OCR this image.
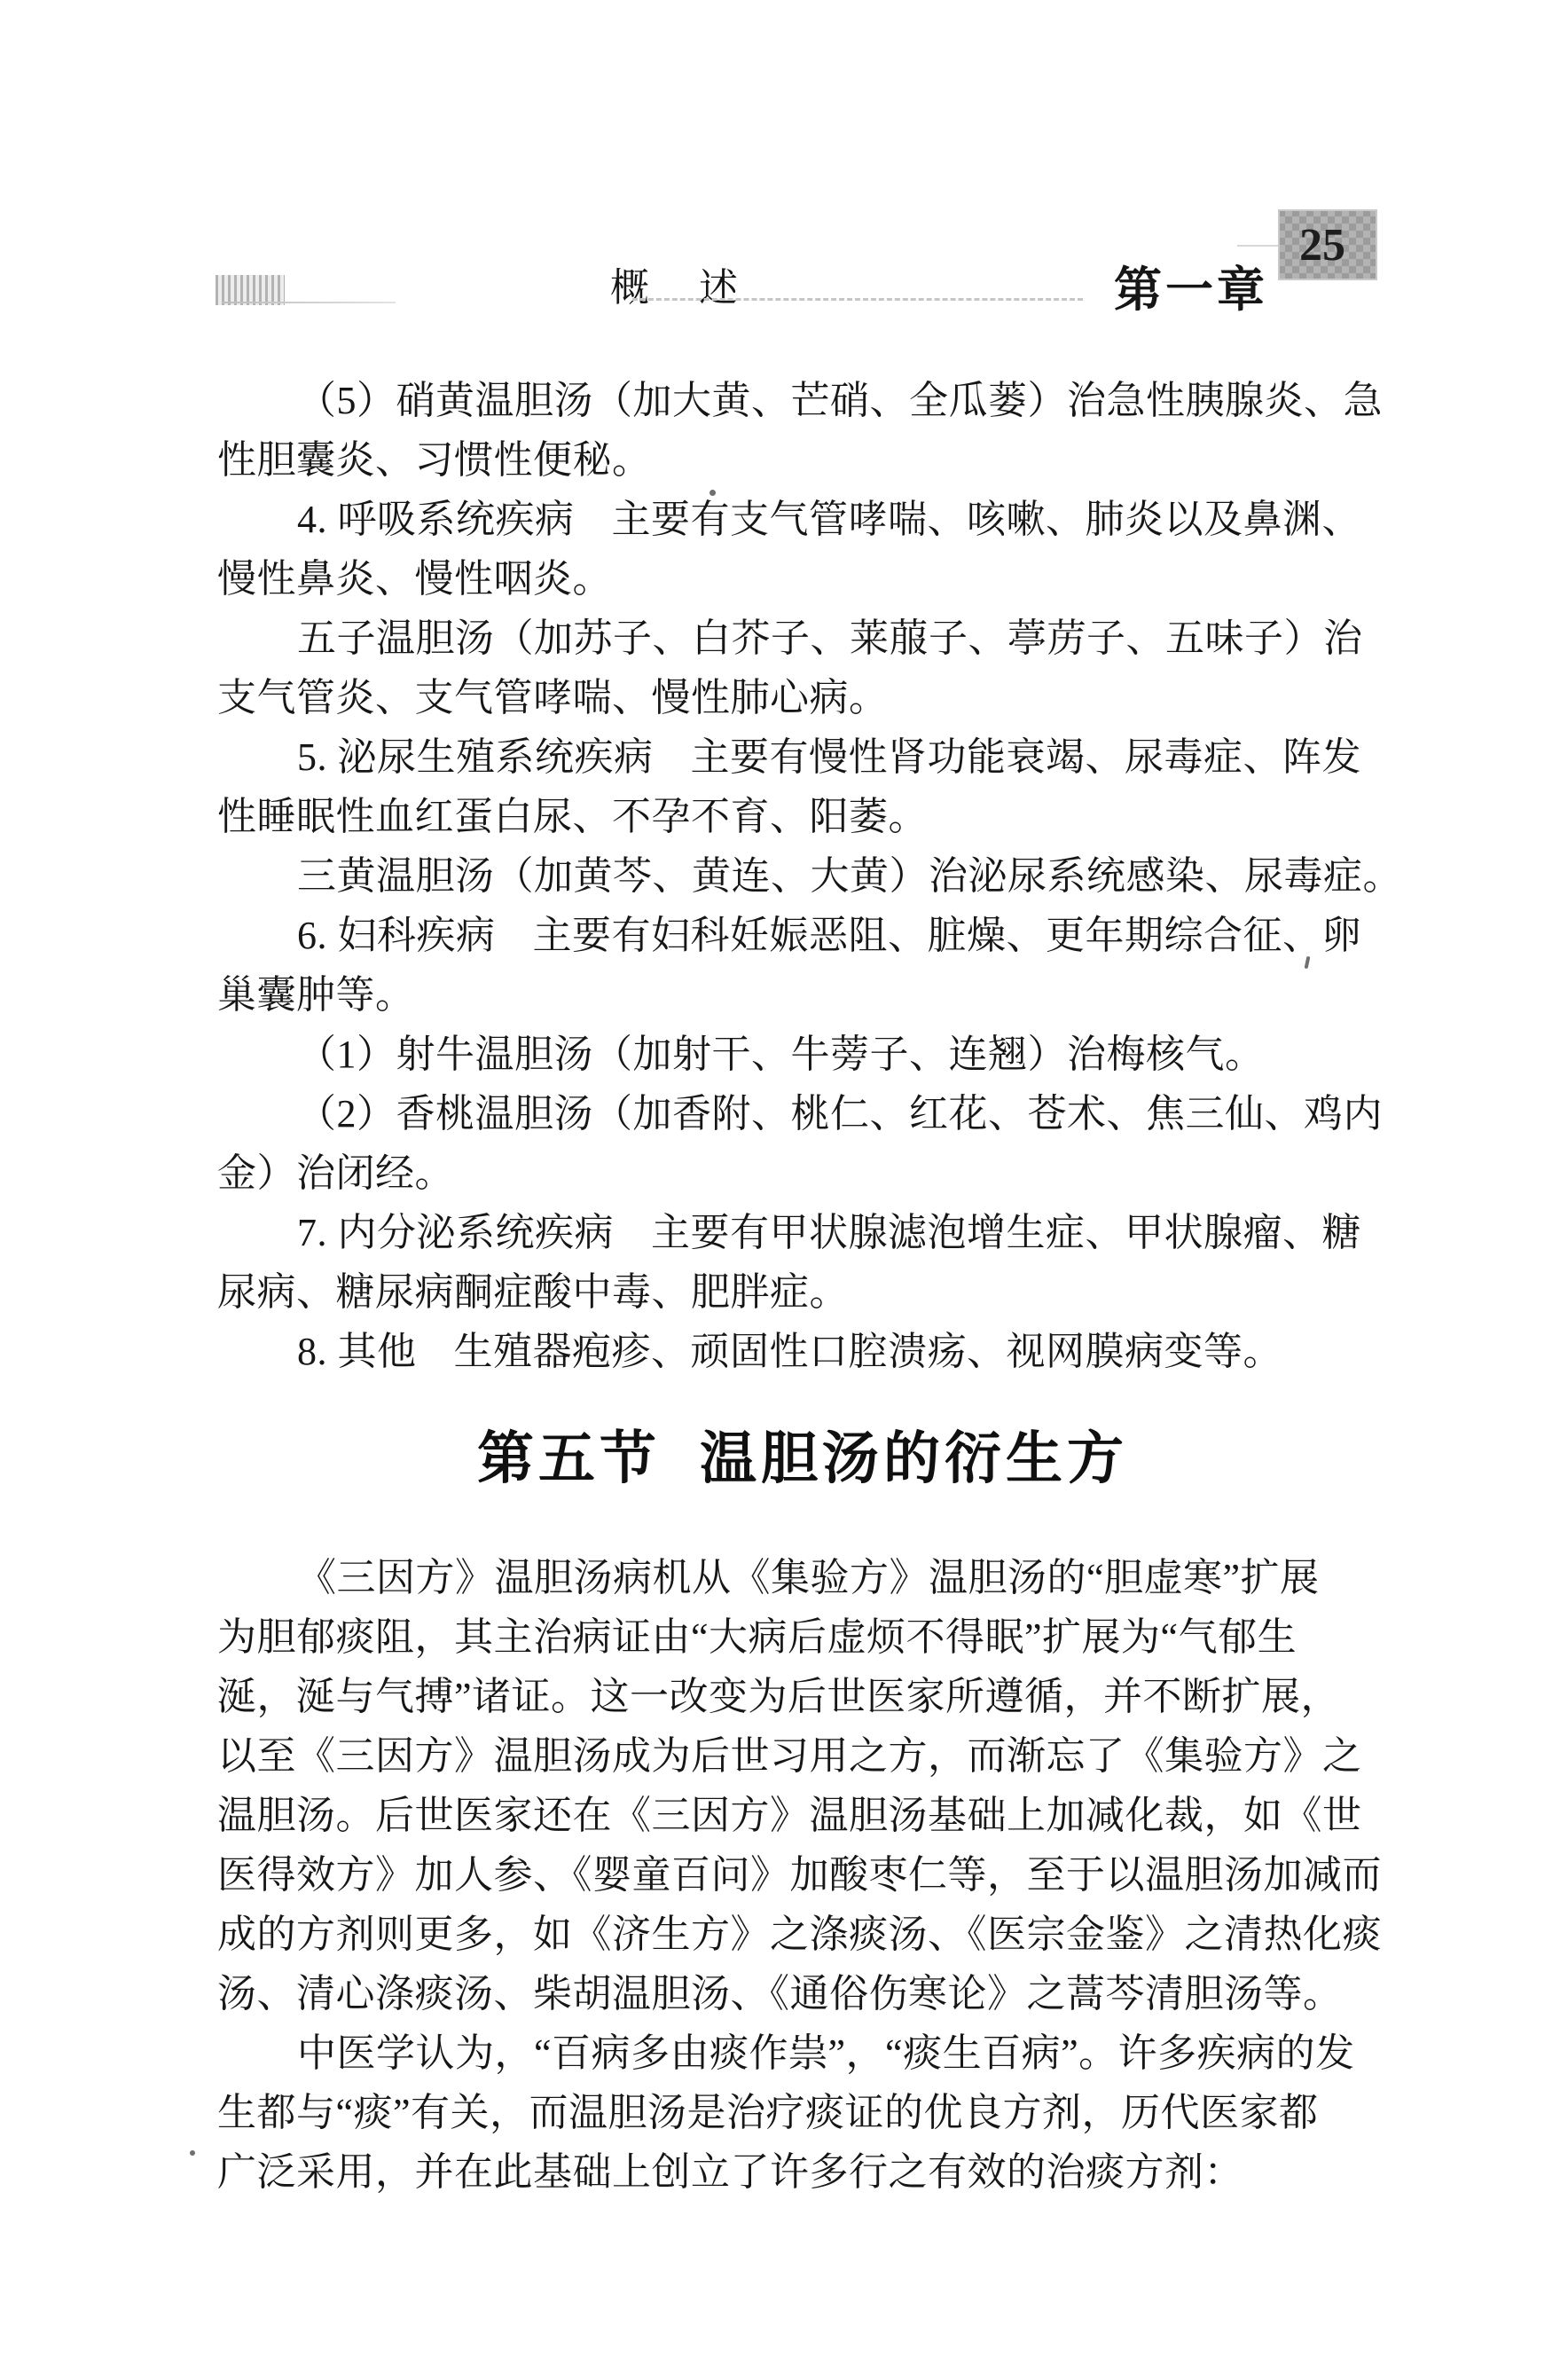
概　述	第一章
25
（5）硝黄温胆汤（加大黄、芒硝、全瓜蒌）治急性胰腺炎、急
性胆囊炎、习惯性便秘。
4. 呼吸系统疾病 主要有支气管哮喘、咳嗽、肺炎以及鼻渊、
慢性鼻炎、慢性咽炎。
五子温胆汤（加苏子、白芥子、莱菔子、葶苈子、五味子）治
支气管炎、支气管哮喘、慢性肺心病。
5. 泌尿生殖系统疾病 主要有慢性肾功能衰竭、尿毒症、阵发
性睡眠性血红蛋白尿、不孕不育、阳萎。
三黄温胆汤（加黄芩、黄连、大黄）治泌尿系统感染、尿毒症。
6. 妇科疾病 主要有妇科妊娠恶阻、脏燥、更年期综合征、卵
巢囊肿等。
（1）射牛温胆汤（加射干、牛蒡子、连翘）治梅核气。
（2）香桃温胆汤（加香附、桃仁、红花、苍术、焦三仙、鸡内
金）治闭经。
7. 内分泌系统疾病 主要有甲状腺滤泡增生症、甲状腺瘤、糖
尿病、糖尿病酮症酸中毒、肥胖症。
8. 其他 生殖器疱疹、顽固性口腔溃疡、视网膜病变等。
第五节 温胆汤的衍生方
《三因方》温胆汤病机从《集验方》温胆汤的“胆虚寒”扩展
为胆郁痰阻，其主治病证由“大病后虚烦不得眠”扩展为“气郁生
涎，涎与气搏”诸证。这一改变为后世医家所遵循，并不断扩展，
以至《三因方》温胆汤成为后世习用之方，而渐忘了《集验方》之
温胆汤。后世医家还在《三因方》温胆汤基础上加减化裁，如《世
医得效方》加人参、《婴童百问》加酸枣仁等，至于以温胆汤加减而
成的方剂则更多，如《济生方》之涤痰汤、《医宗金鉴》之清热化痰
汤、清心涤痰汤、柴胡温胆汤、《通俗伤寒论》之蒿芩清胆汤等。
中医学认为，“百病多由痰作祟”，“痰生百病”。许多疾病的发
生都与“痰”有关，而温胆汤是治疗痰证的优良方剂，历代医家都
广泛采用，并在此基础上创立了许多行之有效的治痰方剂：
